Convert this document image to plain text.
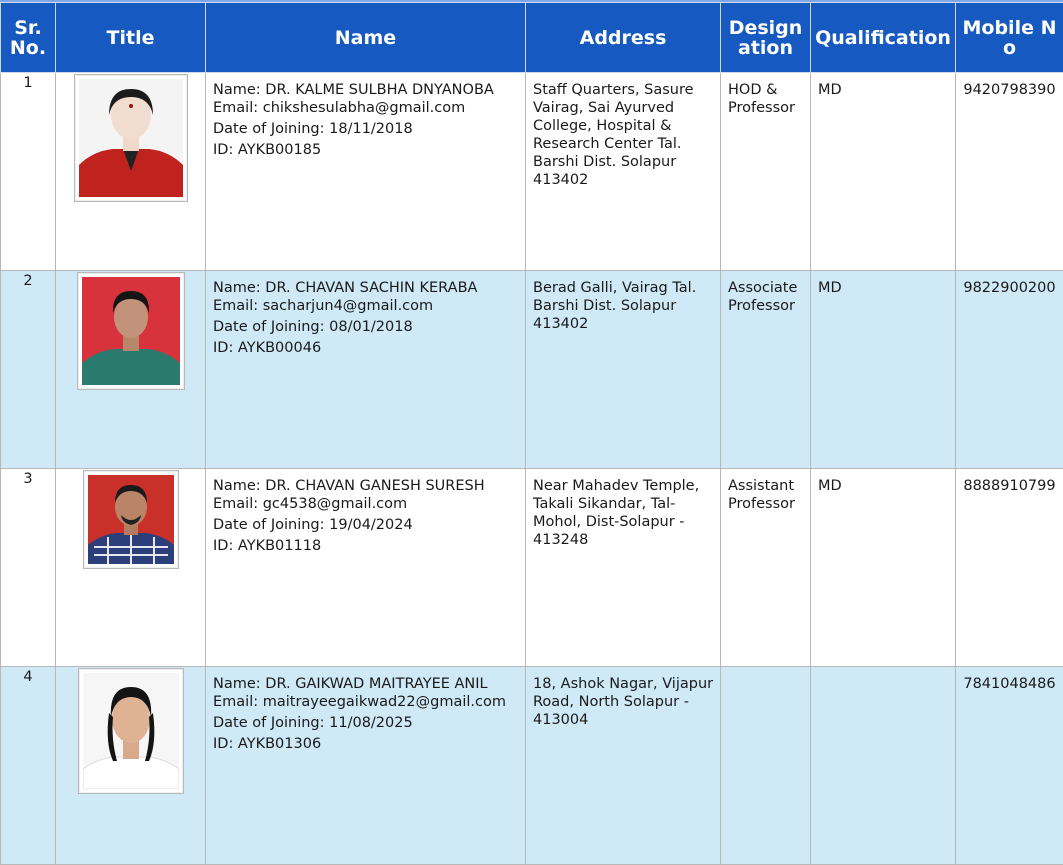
Sr. No.	Title	Name	Address	Designation	Qualification	Mobile No
1		Name: DR. KALME SULBHA DNYANOBA
Email: chikshesulabha@gmail.com
Date of Joining: 18/11/2018
ID: AYKB00185	Staff Quarters, Sasure Vairag, Sai Ayurved College, Hospital & Research Center Tal. Barshi Dist. Solapur 413402	HOD & Professor	MD	9420798390
2		Name: DR. CHAVAN SACHIN KERABA
Email: sacharjun4@gmail.com
Date of Joining: 08/01/2018
ID: AYKB00046	Berad Galli, Vairag Tal. Barshi Dist. Solapur 413402	Associate Professor	MD	9822900200
3		Name: DR. CHAVAN GANESH SURESH
Email: gc4538@gmail.com
Date of Joining: 19/04/2024
ID: AYKB01118	Near Mahadev Temple, Takali Sikandar, Tal-Mohol, Dist-Solapur - 413248	Assistant Professor	MD	8888910799
4		Name: DR. GAIKWAD MAITRAYEE ANIL
Email: maitrayeegaikwad22@gmail.com
Date of Joining: 11/08/2025
ID: AYKB01306	18, Ashok Nagar, Vijapur Road, North Solapur - 413004			7841048486
